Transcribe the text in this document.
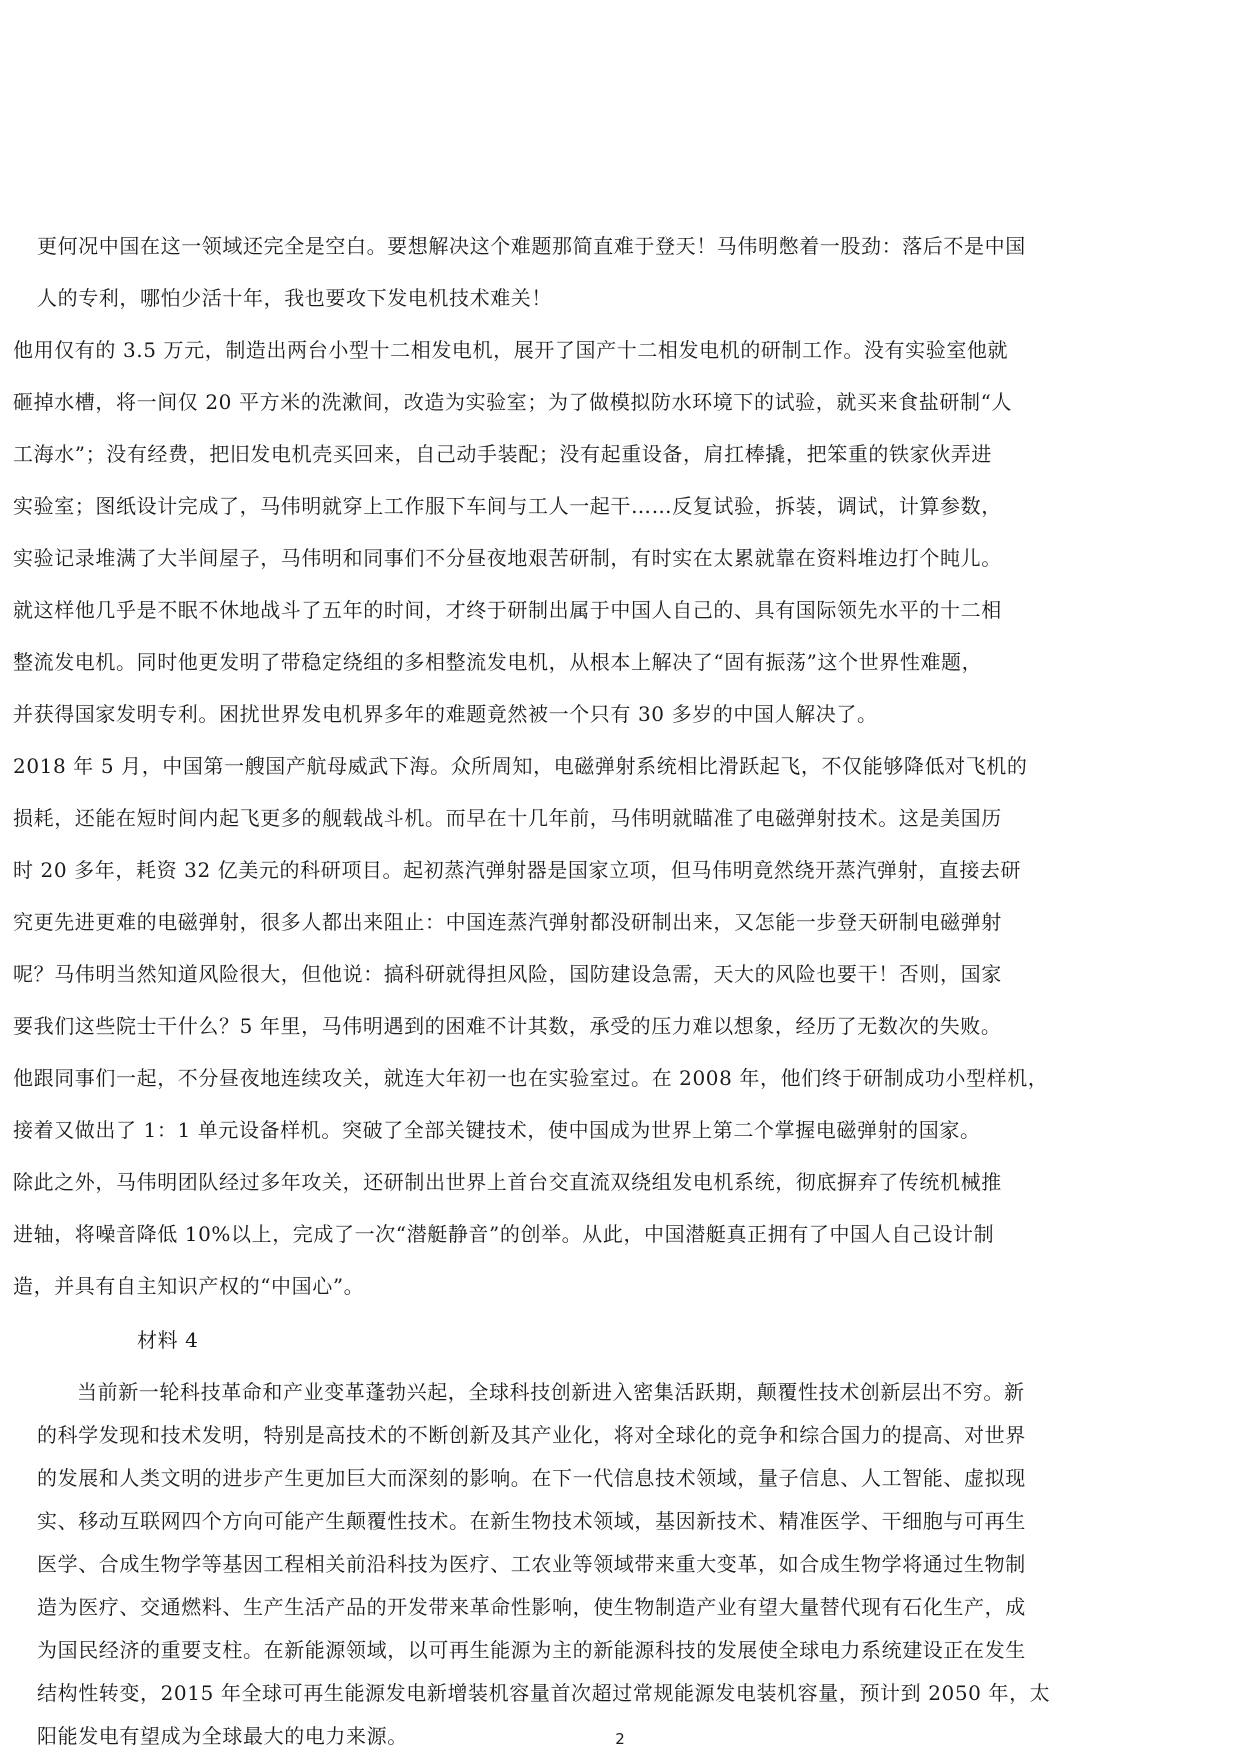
更何况中国在这一领域还完全是空白。要想解决这个难题那简直难于登天！马伟明憋着一股劲：落后不是中国
人的专利，哪怕少活十年，我也要攻下发电机技术难关！
他用仅有的 3.5 万元，制造出两台小型十二相发电机，展开了国产十二相发电机的研制工作。没有实验室他就
砸掉水槽，将一间仅 20 平方米的洗漱间，改造为实验室；为了做模拟防水环境下的试验，就买来食盐研制“人
工海水”；没有经费，把旧发电机壳买回来，自己动手装配；没有起重设备，肩扛棒撬，把笨重的铁家伙弄进
实验室；图纸设计完成了，马伟明就穿上工作服下车间与工人一起干……反复试验，拆装，调试，计算参数，
实验记录堆满了大半间屋子，马伟明和同事们不分昼夜地艰苦研制，有时实在太累就靠在资料堆边打个盹儿。
就这样他几乎是不眠不休地战斗了五年的时间，才终于研制出属于中国人自己的、具有国际领先水平的十二相
整流发电机。同时他更发明了带稳定绕组的多相整流发电机，从根本上解决了“固有振荡”这个世界性难题，
并获得国家发明专利。困扰世界发电机界多年的难题竟然被一个只有 30 多岁的中国人解决了。
2018 年 5 月，中国第一艘国产航母威武下海。众所周知，电磁弹射系统相比滑跃起飞，不仅能够降低对飞机的
损耗，还能在短时间内起飞更多的舰载战斗机。而早在十几年前，马伟明就瞄准了电磁弹射技术。这是美国历
时 20 多年，耗资 32 亿美元的科研项目。起初蒸汽弹射器是国家立项，但马伟明竟然绕开蒸汽弹射，直接去研
究更先进更难的电磁弹射，很多人都出来阻止：中国连蒸汽弹射都没研制出来，又怎能一步登天研制电磁弹射
呢？马伟明当然知道风险很大，但他说：搞科研就得担风险，国防建设急需，天大的风险也要干！否则，国家
要我们这些院士干什么？5 年里，马伟明遇到的困难不计其数，承受的压力难以想象，经历了无数次的失败。
他跟同事们一起，不分昼夜地连续攻关，就连大年初一也在实验室过。在 2008 年，他们终于研制成功小型样机，
接着又做出了 1：1 单元设备样机。突破了全部关键技术，使中国成为世界上第二个掌握电磁弹射的国家。
除此之外，马伟明团队经过多年攻关，还研制出世界上首台交直流双绕组发电机系统，彻底摒弃了传统机械推
进轴，将噪音降低 10%以上，完成了一次“潜艇静音”的创举。从此，中国潜艇真正拥有了中国人自己设计制
造，并具有自主知识产权的“中国心”。
材料 4
当前新一轮科技革命和产业变革蓬勃兴起，全球科技创新进入密集活跃期，颠覆性技术创新层出不穷。新
的科学发现和技术发明，特别是高技术的不断创新及其产业化，将对全球化的竞争和综合国力的提高、对世界
的发展和人类文明的进步产生更加巨大而深刻的影响。在下一代信息技术领域，量子信息、人工智能、虚拟现
实、移动互联网四个方向可能产生颠覆性技术。在新生物技术领域，基因新技术、精准医学、干细胞与可再生
医学、合成生物学等基因工程相关前沿科技为医疗、工农业等领域带来重大变革，如合成生物学将通过生物制
造为医疗、交通燃料、生产生活产品的开发带来革命性影响，使生物制造产业有望大量替代现有石化生产，成
为国民经济的重要支柱。在新能源领域，以可再生能源为主的新能源科技的发展使全球电力系统建设正在发生
2
结构性转变，2015 年全球可再生能源发电新增装机容量首次超过常规能源发电装机容量，预计到 2050 年，太
阳能发电有望成为全球最大的电力来源。
